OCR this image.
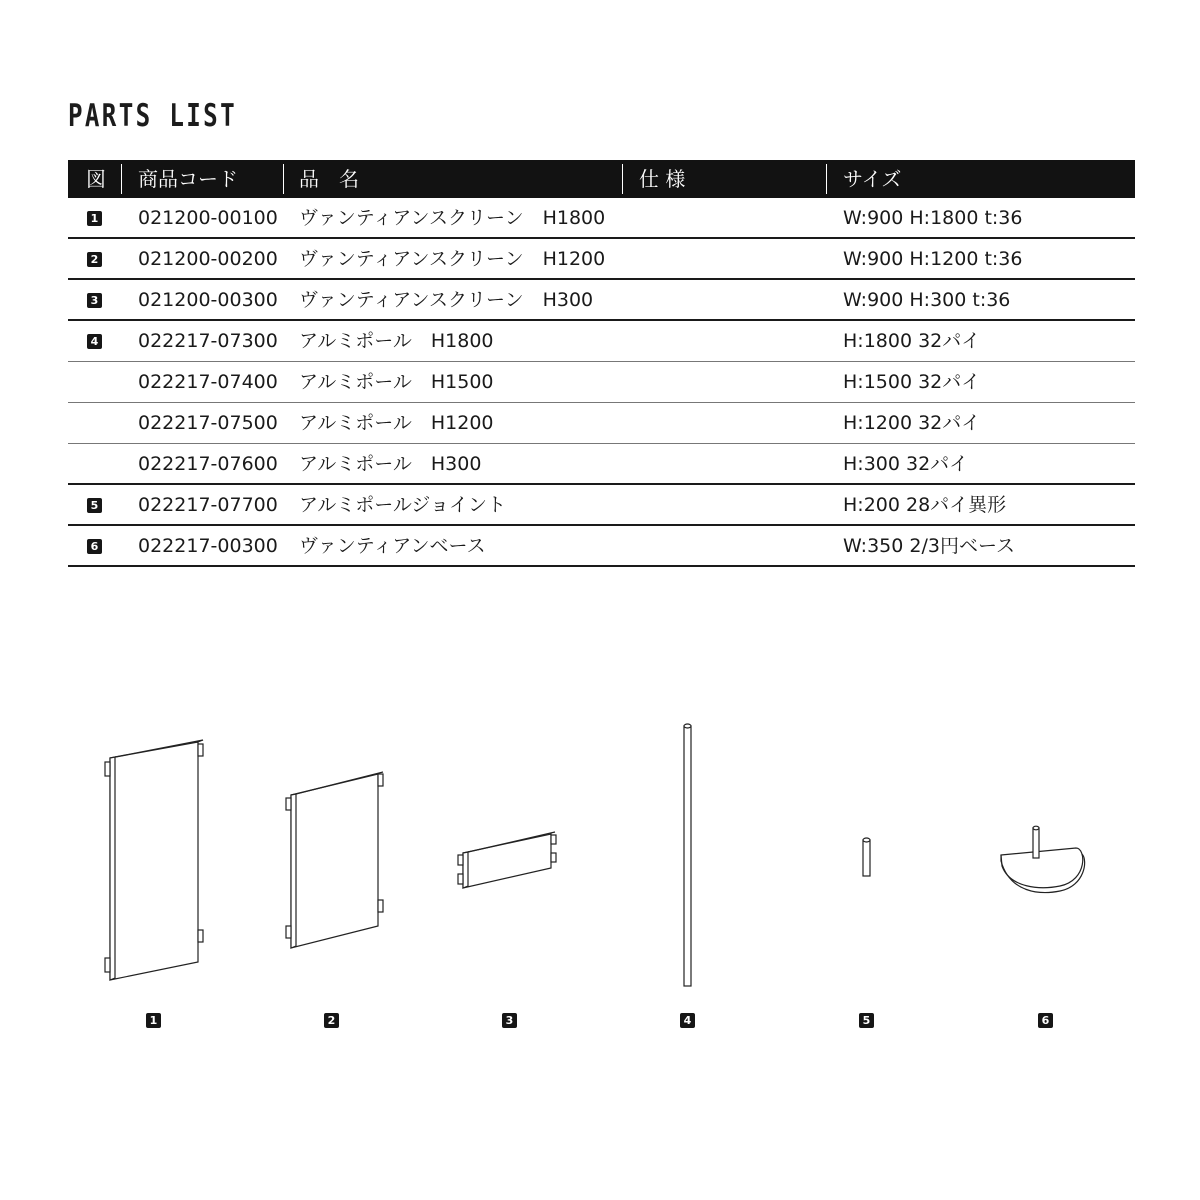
PARTS LIST
図 商品コード	品　名	仕 様	サイズ
1 021200-00100 ヴァンティアンスクリーン　H1800	W:900 H:1800 t:36
2 021200-00200 ヴァンティアンスクリーン　H1200	W:900 H:1200 t:36
3 021200-00300 ヴァンティアンスクリーン　H300	W:900 H:300 t:36
4 022217-07300 アルミポール　H1800	H:1800 32パイ
022217-07400 アルミポール　H1500	H:1500 32パイ
022217-07500 アルミポール　H1200	H:1200 32パイ
022217-07600 アルミポール　H300	H:300 32パイ
5 022217-07700 アルミポールジョイント	H:200 28パイ異形
6 022217-00300 ヴァンティアンベース	W:350 2/3円ベース
1	2	3	4	5	6
